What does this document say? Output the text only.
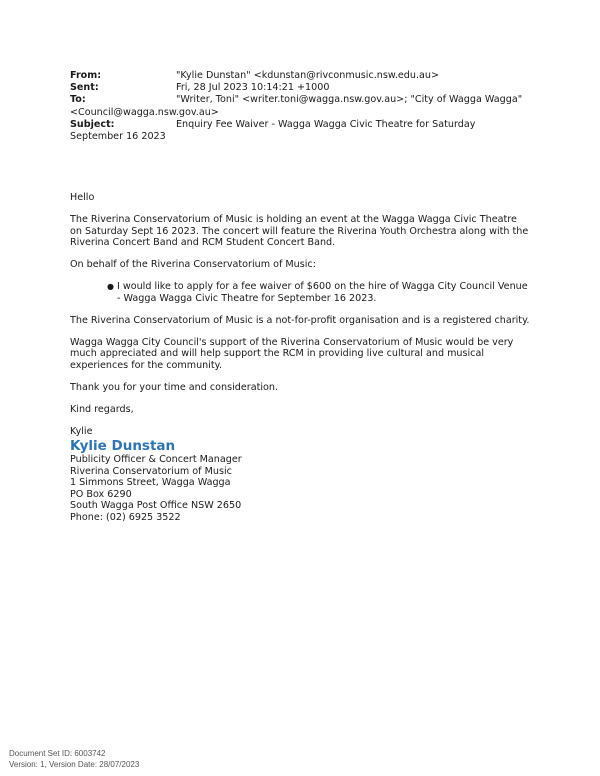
From:	"Kylie Dunstan" <kdunstan@rivconmusic.nsw.edu.au>
Sent:	Fri, 28 Jul 2023 10:14:21 +1000
To:	"Writer, Toni" <writer.toni@wagga.nsw.gov.au>; "City of Wagga Wagga" <Council@wagga.nsw.gov.au>
Subject:	Enquiry Fee Waiver - Wagga Wagga Civic Theatre for Saturday September 16 2023

Hello

The Riverina Conservatorium of Music is holding an event at the Wagga Wagga Civic Theatre on Saturday Sept 16 2023. The concert will feature the Riverina Youth Orchestra along with the Riverina Concert Band and RCM Student Concert Band.

On behalf of the Riverina Conservatorium of Music:

● I would like to apply for a fee waiver of $600 on the hire of Wagga City Council Venue - Wagga Wagga Civic Theatre for September 16 2023.

The Riverina Conservatorium of Music is a not-for-profit organisation and is a registered charity.

Wagga Wagga City Council's support of the Riverina Conservatorium of Music would be very much appreciated and will help support the RCM in providing live cultural and musical experiences for the community.

Thank you for your time and consideration.

Kind regards,

Kylie

Kylie Dunstan
Publicity Officer & Concert Manager
Riverina Conservatorium of Music
1 Simmons Street, Wagga Wagga
PO Box 6290
South Wagga Post Office NSW 2650
Phone: (02) 6925 3522
Document Set ID: 6003742
Version: 1, Version Date: 28/07/2023
